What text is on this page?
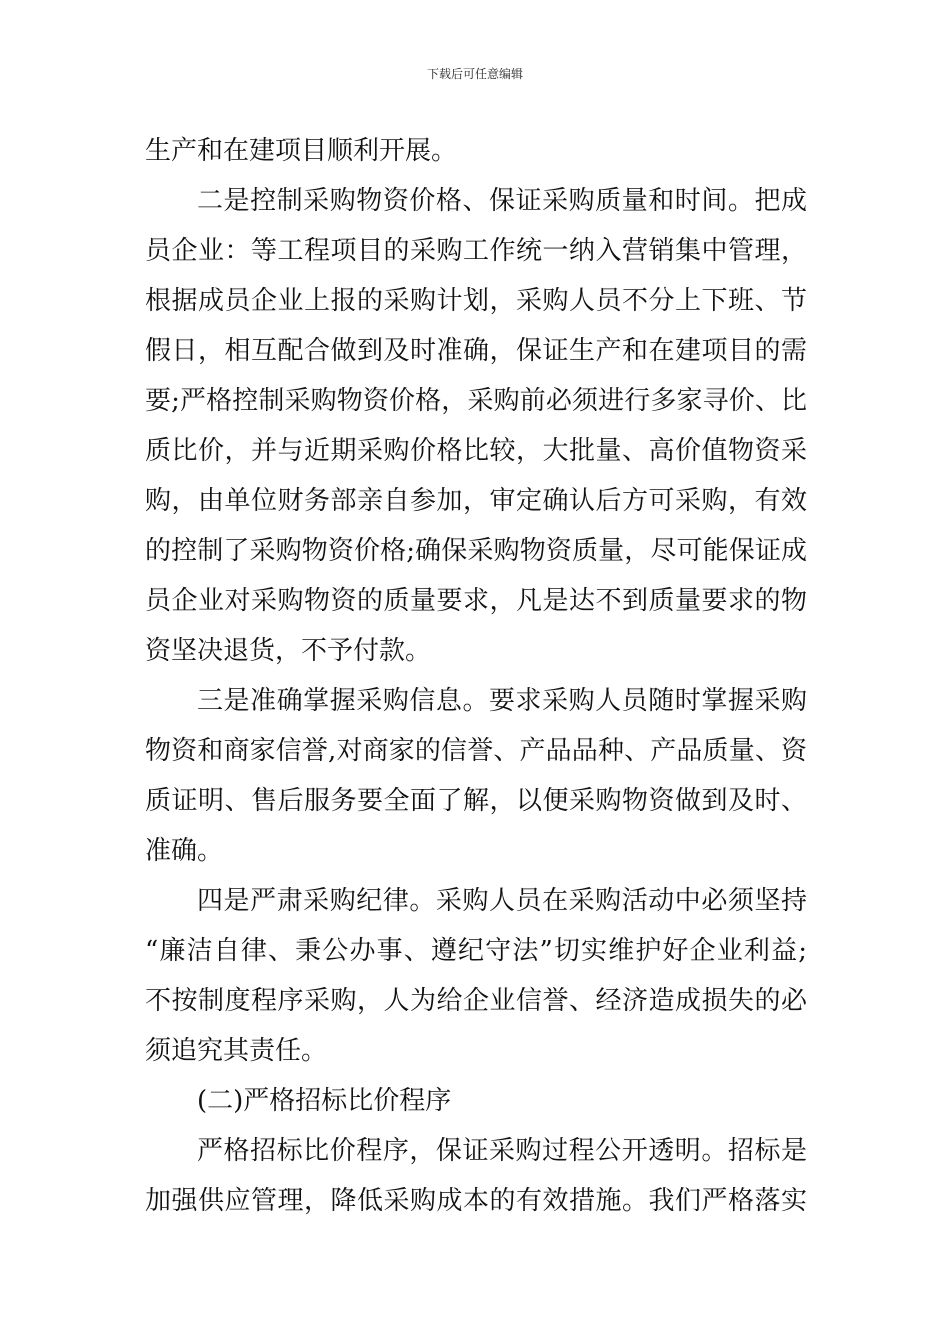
下载后可任意编辑
生产和在建项目顺利开展。
二是控制采购物资价格、保证采购质量和时间。把成
员企业：等工程项目的采购工作统一纳入营销集中管理，
根据成员企业上报的采购计划，采购人员不分上下班、节
假日，相互配合做到及时准确，保证生产和在建项目的需
要;严格控制采购物资价格，采购前必须进行多家寻价、比
质比价，并与近期采购价格比较，大批量、高价值物资采
购，由单位财务部亲自参加，审定确认后方可采购，有效
的控制了采购物资价格;确保采购物资质量，尽可能保证成
员企业对采购物资的质量要求，凡是达不到质量要求的物
资坚决退货，不予付款。
三是准确掌握采购信息。要求采购人员随时掌握采购
物资和商家信誉,对商家的信誉、产品品种、产品质量、资
质证明、售后服务要全面了解，以便采购物资做到及时、
准确。
四是严肃采购纪律。采购人员在采购活动中必须坚持
“廉洁自律、秉公办事、遵纪守法”切实维护好企业利益;
不按制度程序采购，人为给企业信誉、经济造成损失的必
须追究其责任。
(二)严格招标比价程序
严格招标比价程序，保证采购过程公开透明。招标是
加强供应管理，降低采购成本的有效措施。我们严格落实
